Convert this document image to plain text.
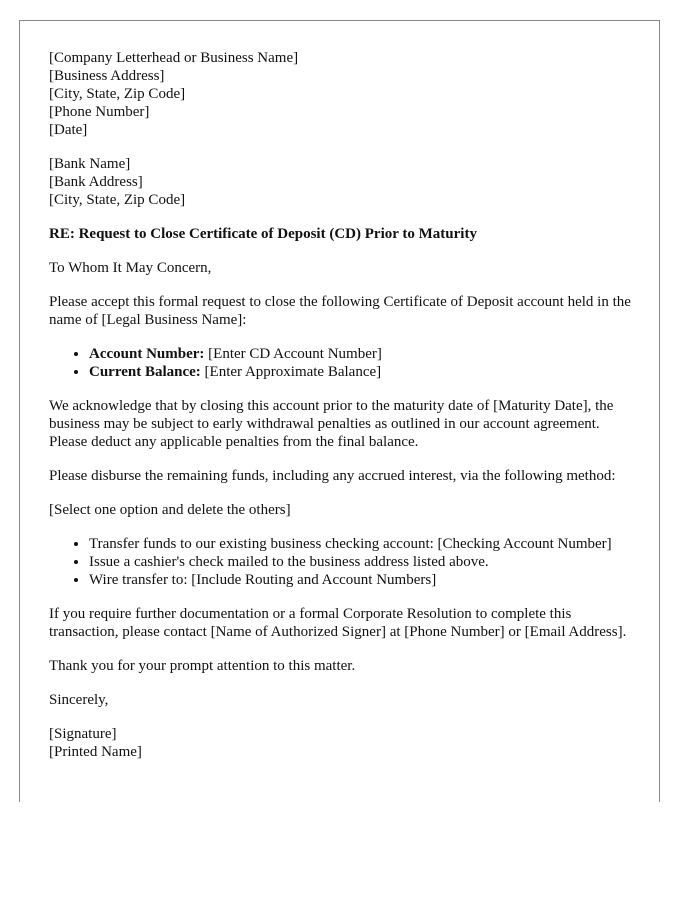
[Company Letterhead or Business Name]
[Business Address]
[City, State, Zip Code]
[Phone Number]
[Date]
[Bank Name]
[Bank Address]
[City, State, Zip Code]

RE: Request to Close Certificate of Deposit (CD) Prior to Maturity

To Whom It May Concern,

Please accept this formal request to close the following Certificate of Deposit account held in the name of [Legal Business Name]:

• Account Number: [Enter CD Account Number]
• Current Balance: [Enter Approximate Balance]

We acknowledge that by closing this account prior to the maturity date of [Maturity Date], the business may be subject to early withdrawal penalties as outlined in our account agreement. Please deduct any applicable penalties from the final balance.

Please disburse the remaining funds, including any accrued interest, via the following method:

[Select one option and delete the others]

• Transfer funds to our existing business checking account: [Checking Account Number]
• Issue a cashier's check mailed to the business address listed above.
• Wire transfer to: [Include Routing and Account Numbers]

If you require further documentation or a formal Corporate Resolution to complete this transaction, please contact [Name of Authorized Signer] at [Phone Number] or [Email Address].

Thank you for your prompt attention to this matter.

Sincerely,

[Signature]
[Printed Name]
